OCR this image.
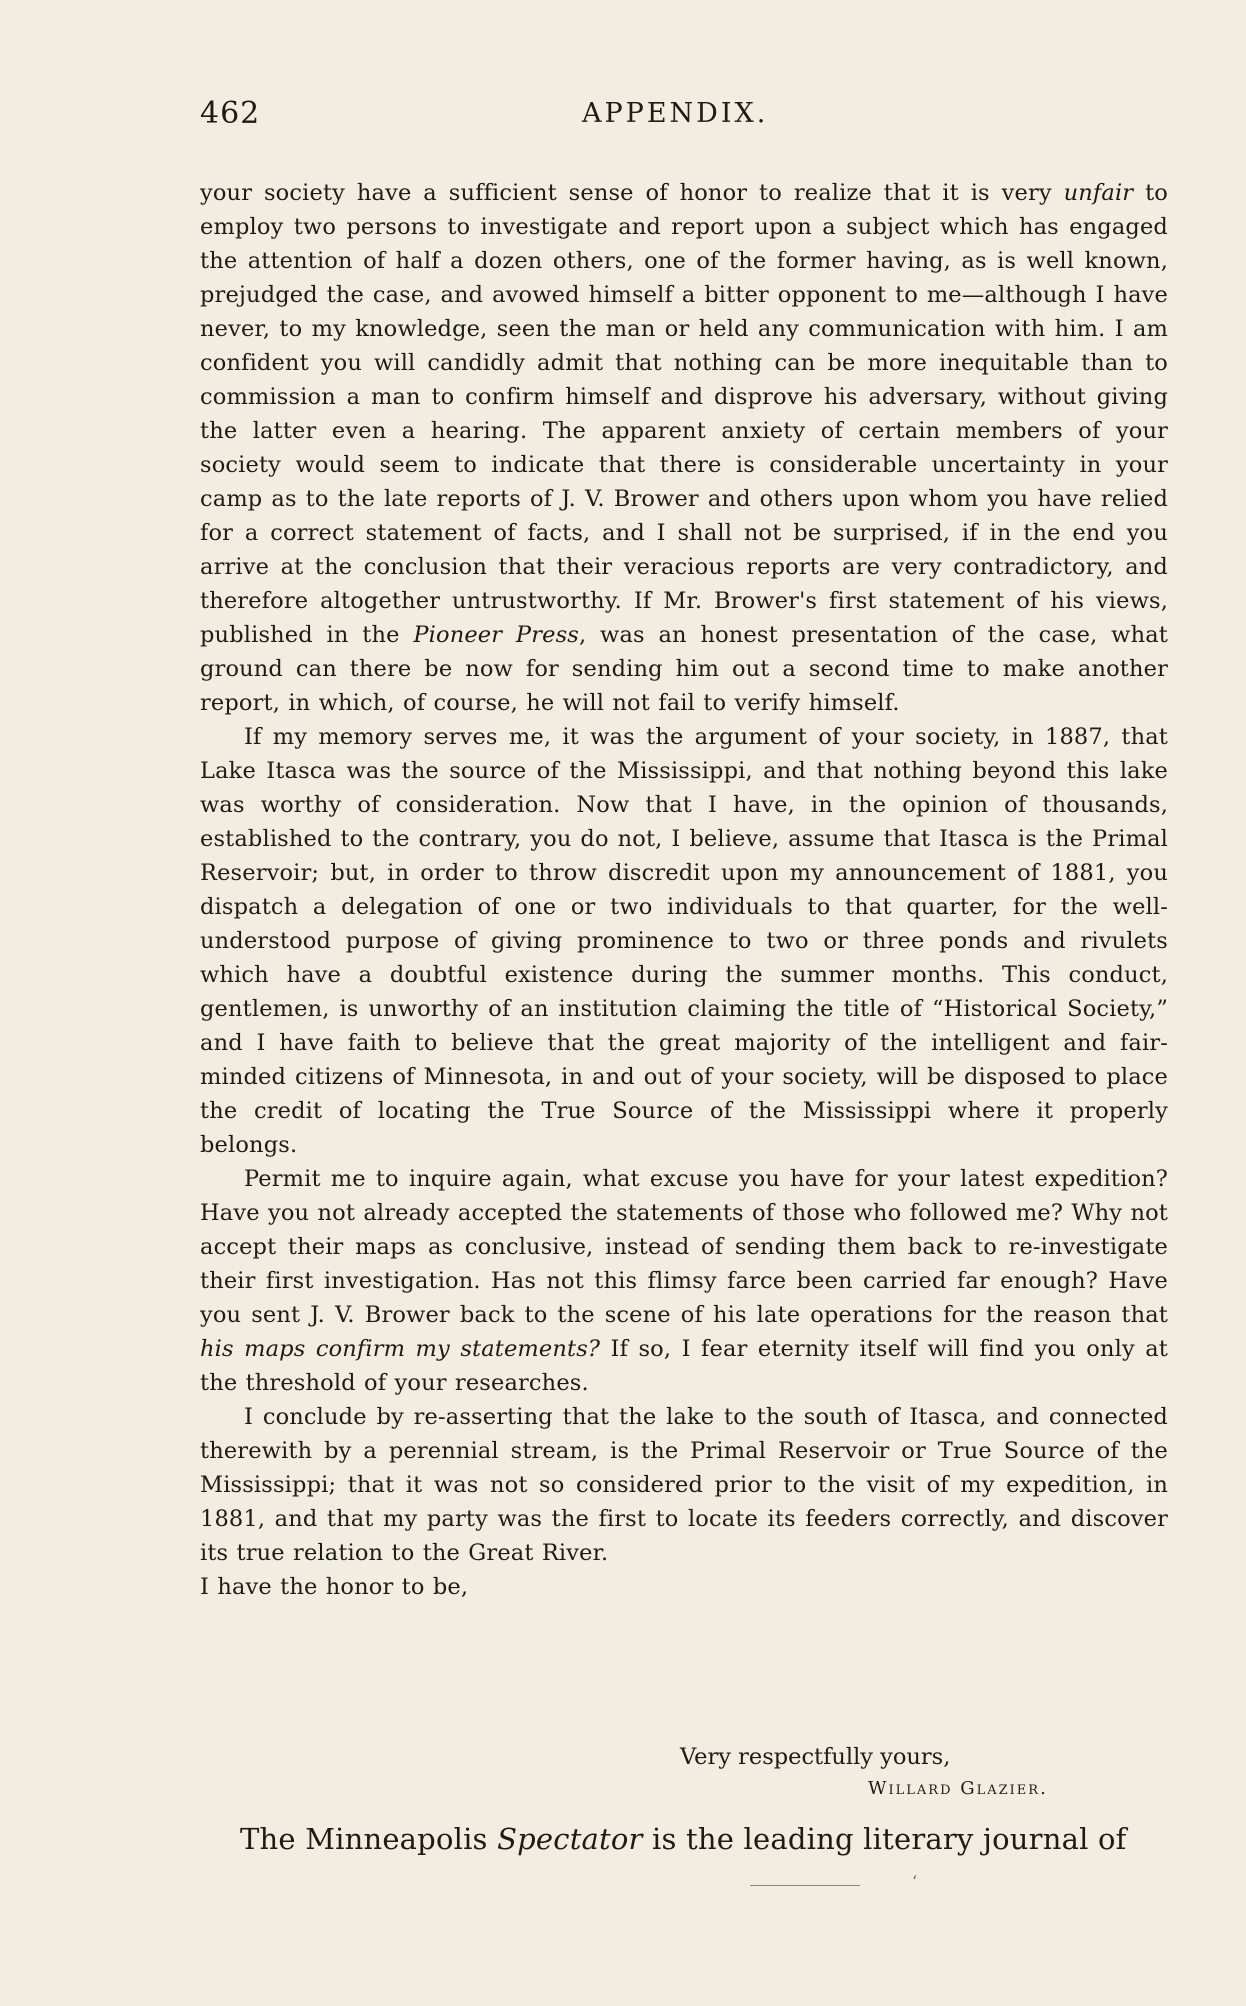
462	APPENDIX.

your society have a sufficient sense of honor to realize that it is very unfair to employ two persons to investigate and report upon a subject which has engaged the attention of half a dozen others, one of the former having, as is well known, prejudged the case, and avowed himself a bitter opponent to me—although I have never, to my knowledge, seen the man or held any communication with him. I am confident you will candidly admit that nothing can be more inequitable than to commission a man to confirm himself and disprove his adversary, without giving the latter even a hearing. The apparent anxiety of certain members of your society would seem to indicate that there is considerable uncertainty in your camp as to the late reports of J. V. Brower and others upon whom you have relied for a correct statement of facts, and I shall not be surprised, if in the end you arrive at the conclusion that their veracious reports are very contradictory, and therefore altogether untrustworthy. If Mr. Brower's first statement of his views, published in the Pioneer Press, was an honest presentation of the case, what ground can there be now for sending him out a second time to make another report, in which, of course, he will not fail to verify himself.

If my memory serves me, it was the argument of your society, in 1887, that Lake Itasca was the source of the Mississippi, and that nothing beyond this lake was worthy of consideration. Now that I have, in the opinion of thousands, established to the contrary, you do not, I believe, assume that Itasca is the Primal Reservoir; but, in order to throw discredit upon my announcement of 1881, you dispatch a delegation of one or two individuals to that quarter, for the well-understood purpose of giving prominence to two or three ponds and rivulets which have a doubtful existence during the summer months. This conduct, gentlemen, is unworthy of an institution claiming the title of “Historical Society,” and I have faith to believe that the great majority of the intelligent and fair-minded citizens of Minnesota, in and out of your society, will be disposed to place the credit of locating the True Source of the Mississippi where it properly belongs.

Permit me to inquire again, what excuse you have for your latest expedition? Have you not already accepted the statements of those who followed me? Why not accept their maps as conclusive, instead of sending them back to re-investigate their first investigation. Has not this flimsy farce been carried far enough? Have you sent J. V. Brower back to the scene of his late operations for the reason that his maps confirm my statements? If so, I fear eternity itself will find you only at the threshold of your researches.

I conclude by re-asserting that the lake to the south of Itasca, and connected therewith by a perennial stream, is the Primal Reservoir or True Source of the Mississippi; that it was not so considered prior to the visit of my expedition, in 1881, and that my party was the first to locate its feeders correctly, and discover its true relation to the Great River.

I have the honor to be,

Very respectfully yours,
Willard Glazier.
The Minneapolis Spectator is the leading literary journal of
‘
